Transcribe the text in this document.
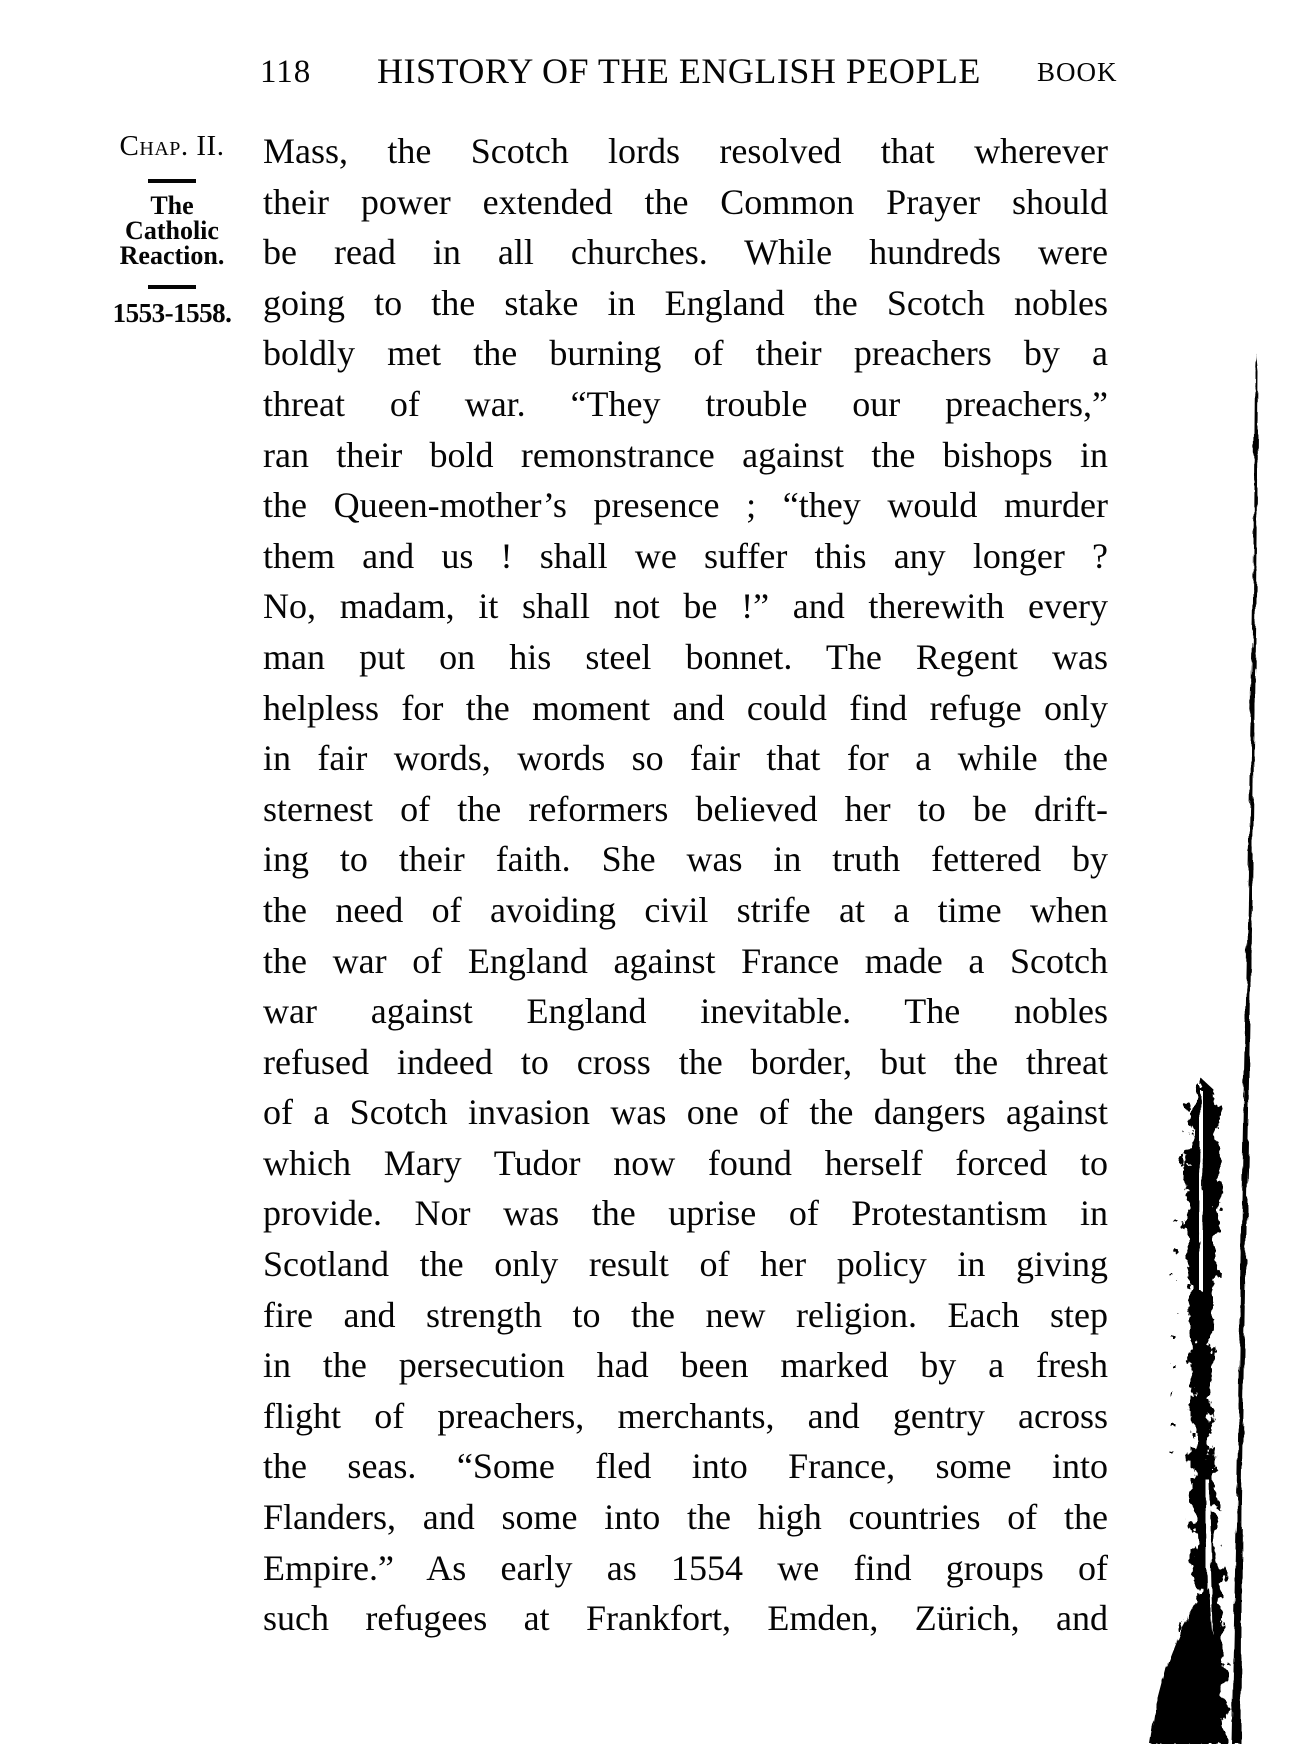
118 HISTORY OF THE ENGLISH PEOPLE BOOK
Chap. II.
The Catholic Reaction.
1553-1558.
Mass, the Scotch lords resolved that wherever
their power extended the Common Prayer should
be read in all churches. While hundreds were
going to the stake in England the Scotch nobles
boldly met the burning of their preachers by a
threat of war. “They trouble our preachers,”
ran their bold remonstrance against the bishops in
the Queen-mother’s presence ; “they would murder
them and us ! shall we suffer this any longer ?
No, madam, it shall not be !” and therewith every
man put on his steel bonnet. The Regent was
helpless for the moment and could find refuge only
in fair words, words so fair that for a while the
sternest of the reformers believed her to be drift-
ing to their faith. She was in truth fettered by
the need of avoiding civil strife at a time when
the war of England against France made a Scotch
war against England inevitable. The nobles
refused indeed to cross the border, but the threat
of a Scotch invasion was one of the dangers against
which Mary Tudor now found herself forced to
provide. Nor was the uprise of Protestantism in
Scotland the only result of her policy in giving
fire and strength to the new religion. Each step
in the persecution had been marked by a fresh
flight of preachers, merchants, and gentry across
the seas. “Some fled into France, some into
Flanders, and some into the high countries of the
Empire.” As early as 1554 we find groups of
such refugees at Frankfort, Emden, Zürich, and
